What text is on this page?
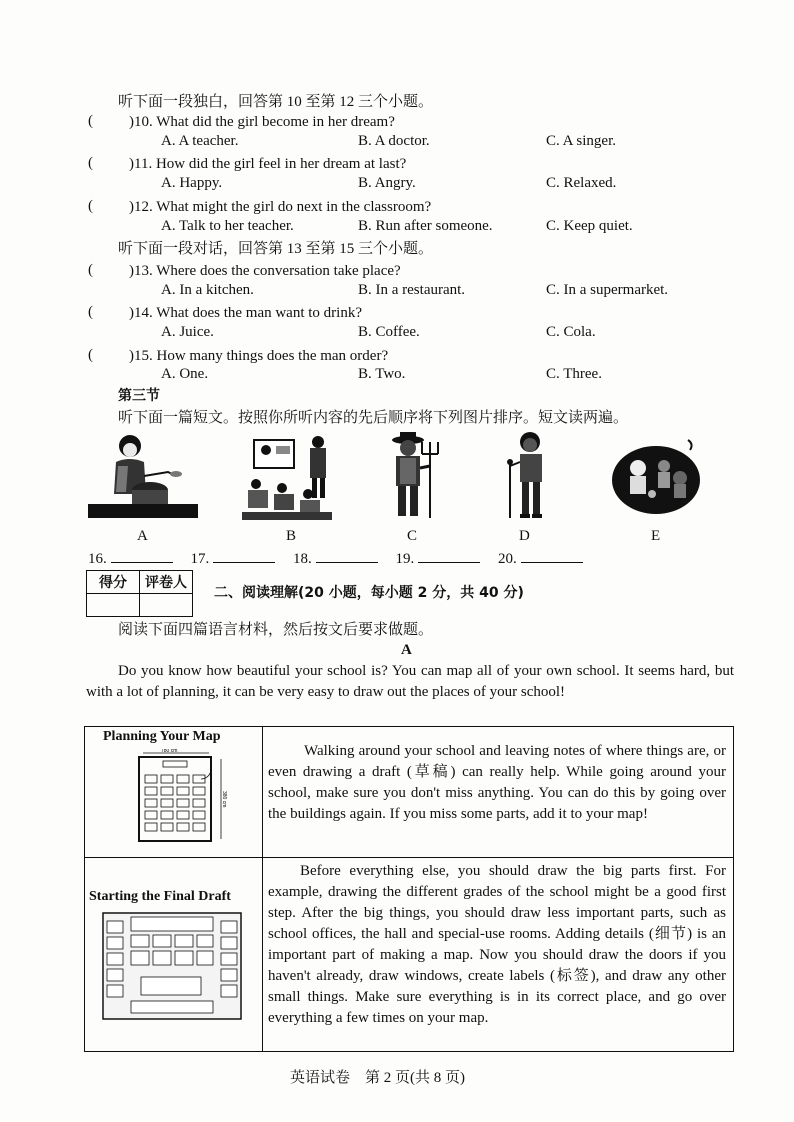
听下面一段独白，回答第 10 至第 12 三个小题。
( )10. What did the girl become in her dream?
A. A teacher.	B. A doctor.	C. A singer.
( )11. How did the girl feel in her dream at last?
A. Happy.	B. Angry.	C. Relaxed.
( )12. What might the girl do next in the classroom?
A. Talk to her teacher.	B. Run after someone.	C. Keep quiet.
听下面一段对话，回答第 13 至第 15 三个小题。
( )13. Where does the conversation take place?
A. In a kitchen.	B. In a restaurant.	C. In a supermarket.
( )14. What does the man want to drink?
A. Juice.	B. Coffee.	C. Cola.
( )15. How many things does the man order?
A. One.	B. Two.	C. Three.
第三节
听下面一篇短文。按照你所听内容的先后顺序将下列图片排序。短文读两遍。
A	B	C	D	E
16.	17.	18.	19.	20.
得分	评卷人

二、阅读理解(20 小题，每小题 2 分，共 40 分)
阅读下面四篇语言材料，然后按文后要求做题。
A
Do you know how beautiful your school is? You can map all of your own school. It seems hard, but with a lot of planning, it can be very easy to draw out the places of your school!
Planning Your Map
780 cm
380 cm
Walking around your school and leaving notes of where things are, or even drawing a draft (草稿) can really help. While going around your school, make sure you don't miss anything. You can do this by going over the buildings again. If you miss some parts, add it to your map!
Starting the Final Draft
Before everything else, you should draw the big parts first. For example, drawing the different grades of the school might be a good first step. After the big things, you should draw less important parts, such as school offices, the hall and special-use rooms. Adding details (细节) is an important part of making a map. Now you should draw the doors if you haven't already, draw windows, create labels (标签), and draw any other small things. Make sure everything is in its correct place, and go over everything a few times on your map.
英语试卷　第 2 页(共 8 页)
